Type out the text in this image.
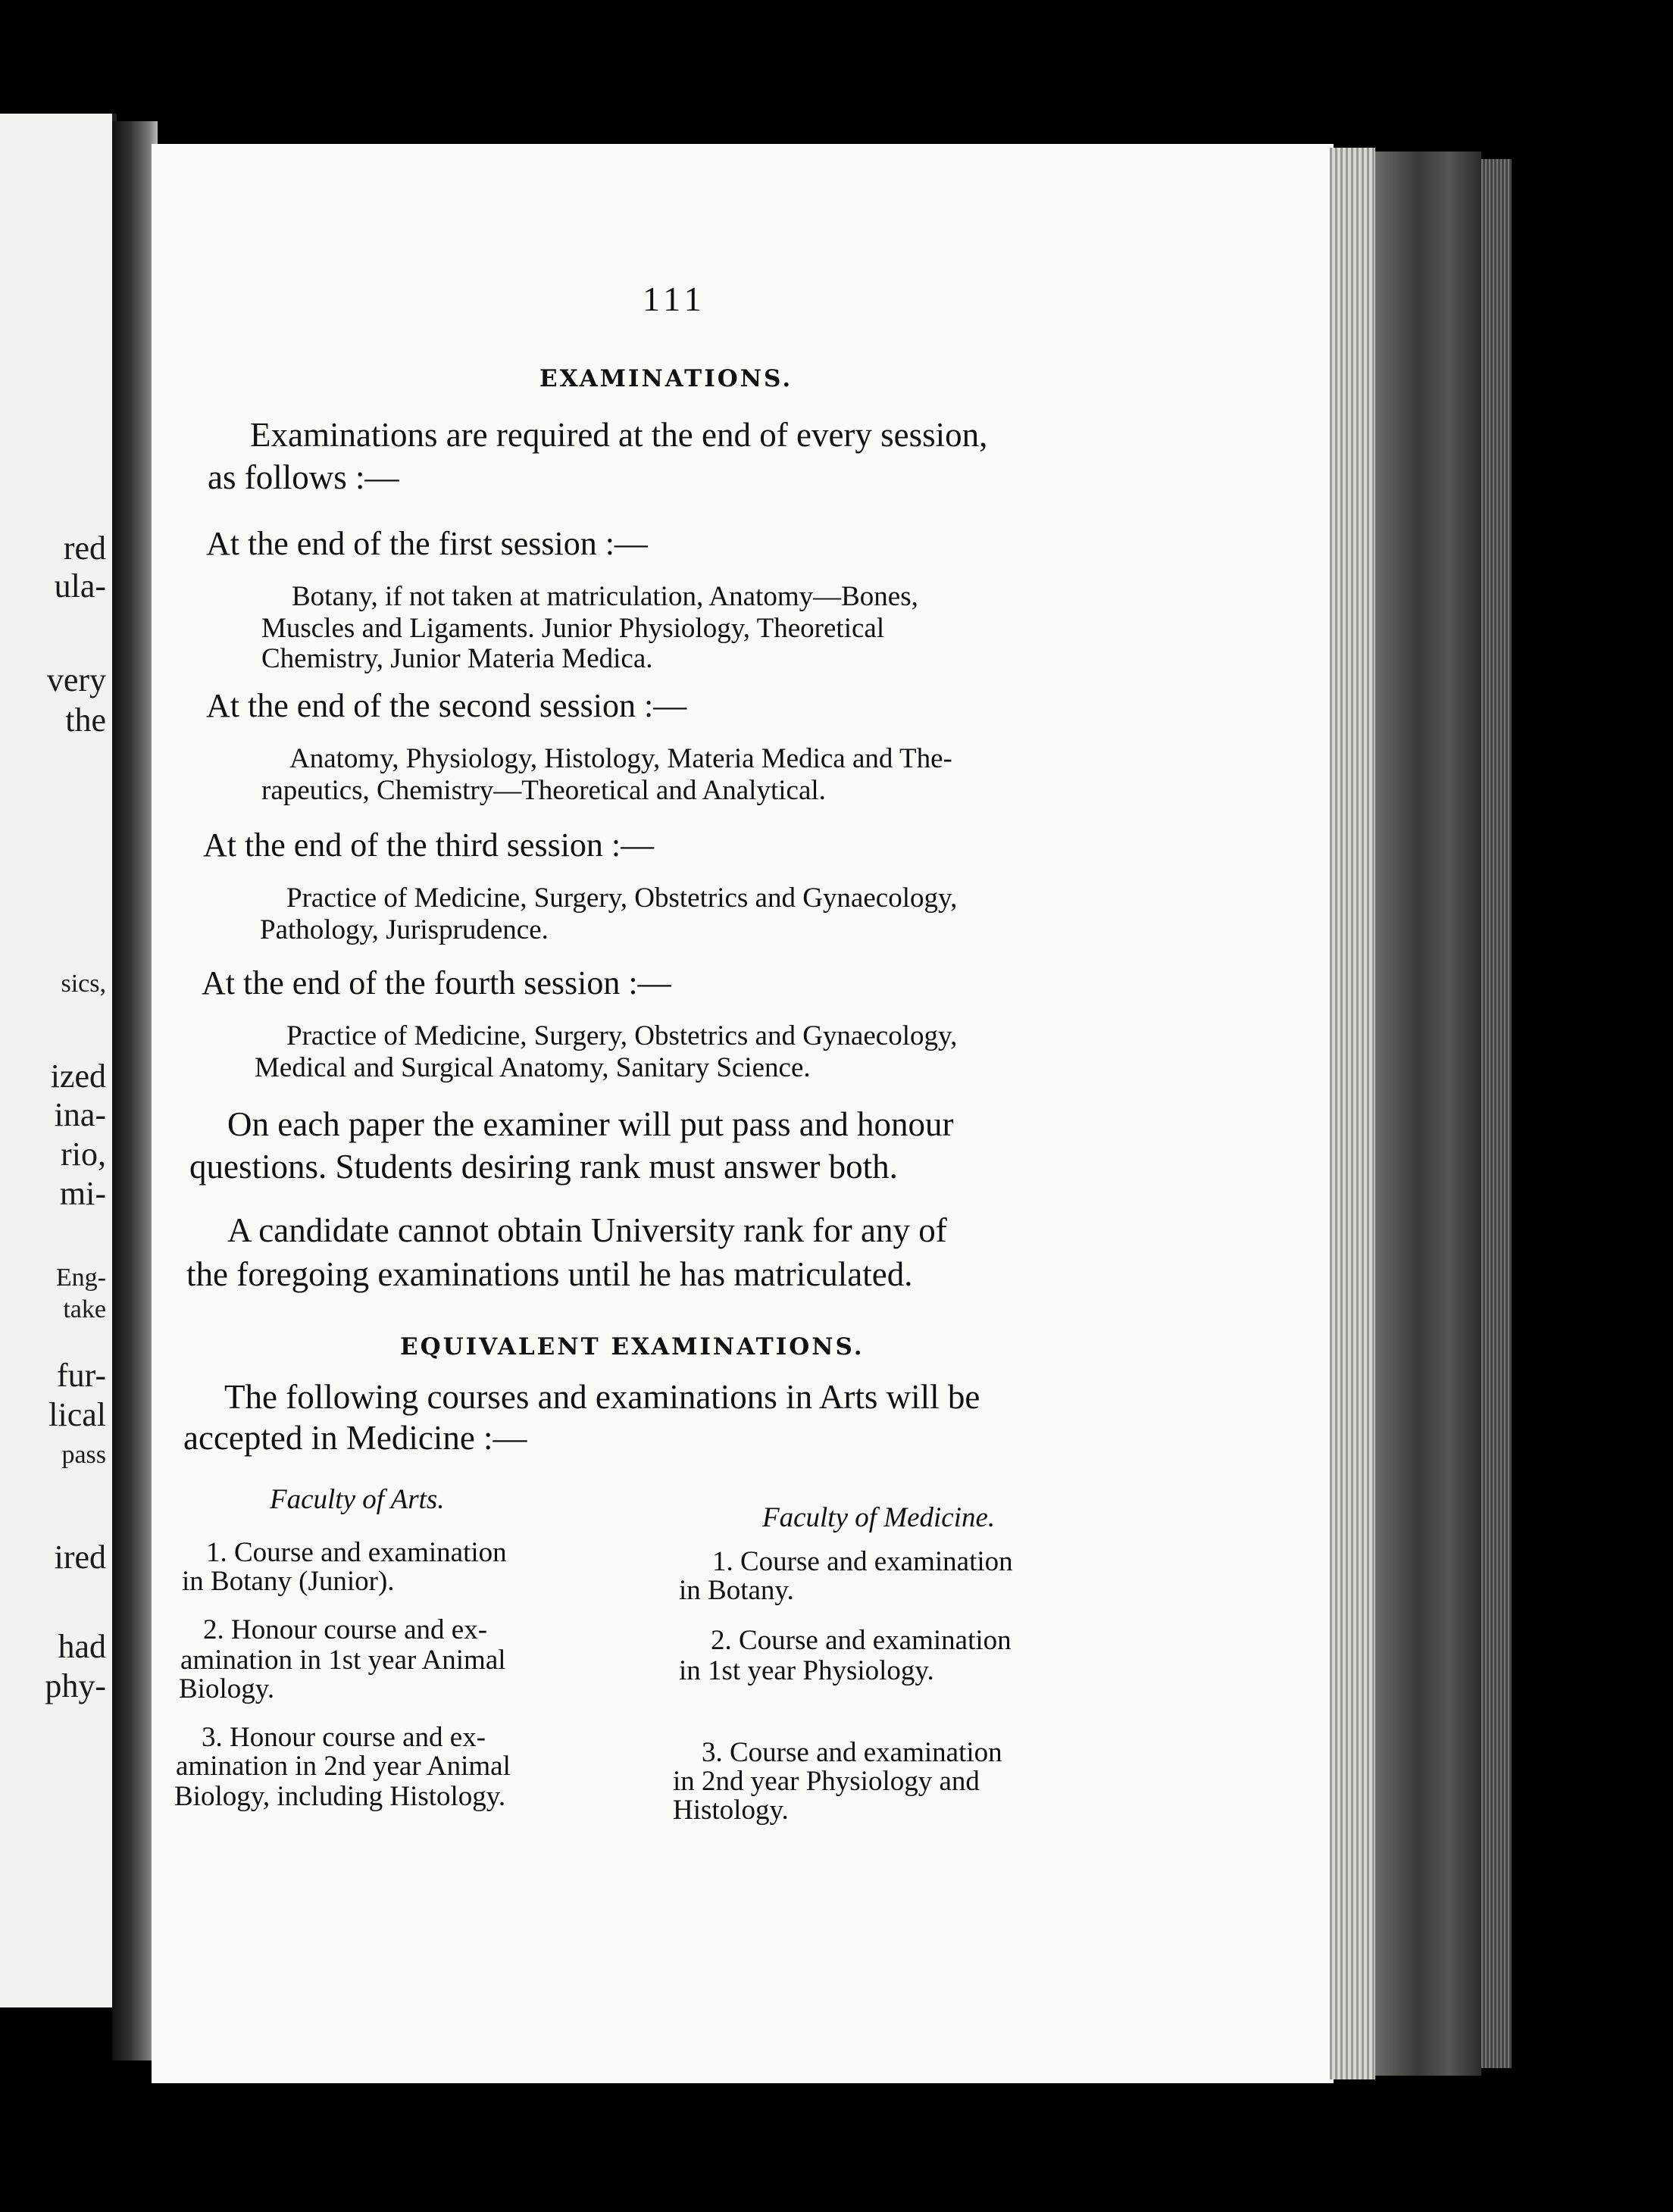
red
ula-
very
the
sics,
ized
ina-
rio,
mi-
Eng-
take
fur-
lical
pass
ired
had
phy-
111
EXAMINATIONS.
Examinations are required at the end of every session,
as follows :—
At the end of the first session :—
Botany, if not taken at matriculation, Anatomy—Bones,
Muscles and Ligaments. Junior Physiology, Theoretical
Chemistry, Junior Materia Medica.
At the end of the second session :—
Anatomy, Physiology, Histology, Materia Medica and The-
rapeutics, Chemistry—Theoretical and Analytical.
At the end of the third session :—
Practice of Medicine, Surgery, Obstetrics and Gynaecology,
Pathology, Jurisprudence.
At the end of the fourth session :—
Practice of Medicine, Surgery, Obstetrics and Gynaecology,
Medical and Surgical Anatomy, Sanitary Science.
On each paper the examiner will put pass and honour
questions. Students desiring rank must answer both.
A candidate cannot obtain University rank for any of
the foregoing examinations until he has matriculated.
EQUIVALENT EXAMINATIONS.
The following courses and examinations in Arts will be
accepted in Medicine :—
Faculty of Arts.
Faculty of Medicine.
1. Course and examination
in Botany (Junior).
2. Honour course and ex-
amination in 1st year Animal
Biology.
3. Honour course and ex-
amination in 2nd year Animal
Biology, including Histology.
1. Course and examination
in Botany.
2. Course and examination
in 1st year Physiology.
3. Course and examination
in 2nd year Physiology and
Histology.
